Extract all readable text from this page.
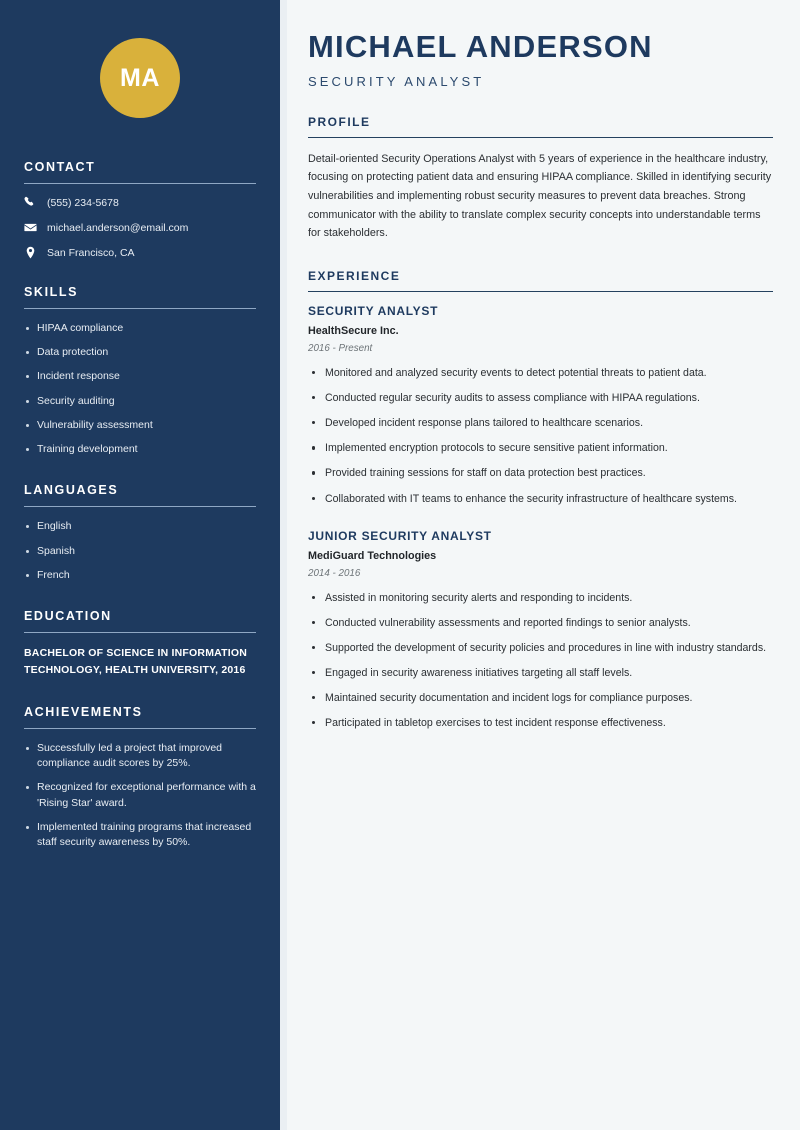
MA
CONTACT
(555) 234-5678
michael.anderson@email.com
San Francisco, CA
SKILLS
HIPAA compliance
Data protection
Incident response
Security auditing
Vulnerability assessment
Training development
LANGUAGES
English
Spanish
French
EDUCATION
BACHELOR OF SCIENCE IN INFORMATION TECHNOLOGY, HEALTH UNIVERSITY, 2016
ACHIEVEMENTS
Successfully led a project that improved compliance audit scores by 25%.
Recognized for exceptional performance with a 'Rising Star' award.
Implemented training programs that increased staff security awareness by 50%.
MICHAEL ANDERSON
SECURITY ANALYST
PROFILE

Detail-oriented Security Operations Analyst with 5 years of experience in the healthcare industry, focusing on protecting patient data and ensuring HIPAA compliance. Skilled in identifying security vulnerabilities and implementing robust security measures to prevent data breaches. Strong communicator with the ability to translate complex security concepts into understandable terms for stakeholders.

EXPERIENCE
SECURITY ANALYST
HealthSecure Inc.
2016 - Present
Monitored and analyzed security events to detect potential threats to patient data.
Conducted regular security audits to assess compliance with HIPAA regulations.
Developed incident response plans tailored to healthcare scenarios.
Implemented encryption protocols to secure sensitive patient information.
Provided training sessions for staff on data protection best practices.
Collaborated with IT teams to enhance the security infrastructure of healthcare systems.
JUNIOR SECURITY ANALYST
MediGuard Technologies
2014 - 2016
Assisted in monitoring security alerts and responding to incidents.
Conducted vulnerability assessments and reported findings to senior analysts.
Supported the development of security policies and procedures in line with industry standards.
Engaged in security awareness initiatives targeting all staff levels.
Maintained security documentation and incident logs for compliance purposes.
Participated in tabletop exercises to test incident response effectiveness.
